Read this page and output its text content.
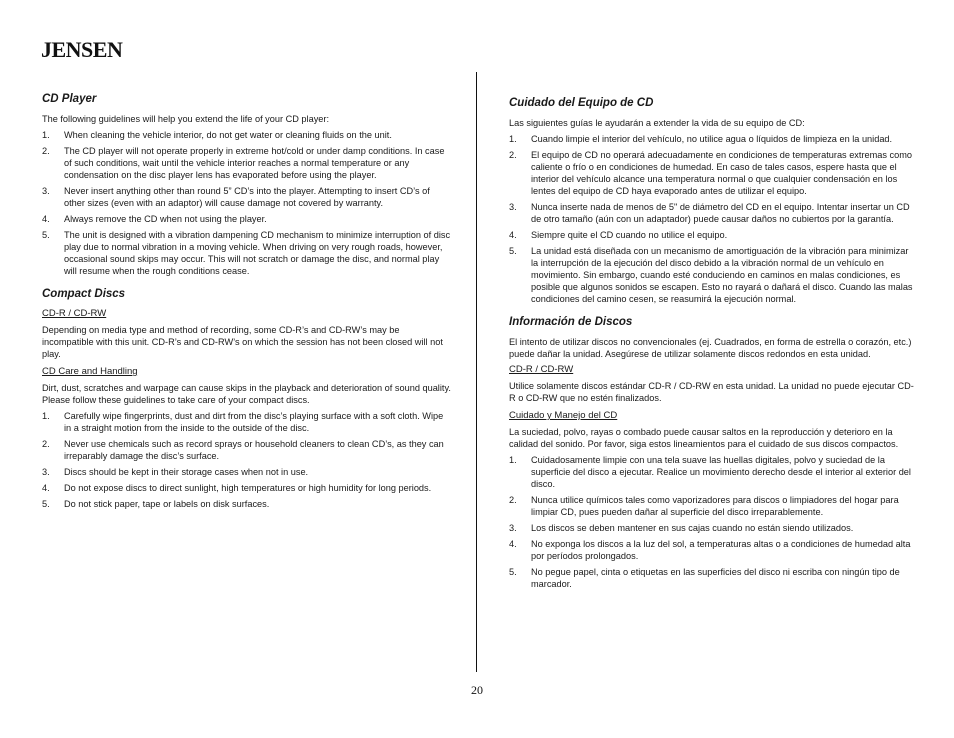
JENSEN
CD Player

The following guidelines will help you extend the life of your CD player:

1.	When cleaning the vehicle interior, do not get water or cleaning fluids on the unit.
2.	The CD player will not operate properly in extreme hot/cold or under damp conditions. In case of such conditions, wait until the vehicle interior reaches a normal temperature or any condensation on the disc player lens has evaporated before using the player.
3.	Never insert anything other than round 5” CD’s into the player. Attempting to insert CD’s of other sizes (even with an adaptor) will cause damage not covered by warranty.
4.	Always remove the CD when not using the player.
5.	The unit is designed with a vibration dampening CD mechanism to minimize interruption of disc play due to normal vibration in a moving vehicle. When driving on very rough roads, however, occasional sound skips may occur. This will not scratch or damage the disc, and normal play will resume when the rough conditions cease.
Compact Discs
CD-R / CD-RW

Depending on media type and method of recording, some CD-R’s and CD-RW’s may be incompatible with this unit. CD-R’s and CD-RW’s on which the session has not been closed will not play.

CD Care and Handling

Dirt, dust, scratches and warpage can cause skips in the playback and deterioration of sound quality. Please follow these guidelines to take care of your compact discs.

1.	Carefully wipe fingerprints, dust and dirt from the disc’s playing surface with a soft cloth. Wipe in a straight motion from the inside to the outside of the disc.
2.	Never use chemicals such as record sprays or household cleaners to clean CD’s, as they can irreparably damage the disc’s surface.
3.	Discs should be kept in their storage cases when not in use.
4.	Do not expose discs to direct sunlight, high temperatures or high humidity for long periods.
5.	Do not stick paper, tape or labels on disk surfaces.
Cuidado del Equipo de CD

Las siguientes guías le ayudarán a extender la vida de su equipo de CD:

1.	Cuando limpie el interior del vehículo, no utilice agua o líquidos de limpieza en la unidad.
2.	El equipo de CD no operará adecuadamente en condiciones de temperaturas extremas como caliente o frío o en condiciones de humedad. En caso de tales casos, espere hasta que el interior del vehículo alcance una temperatura normal o que cualquier condensación en los lentes del equipo de CD haya evaporado antes de utilizar el equipo.
3.	Nunca inserte nada de menos de 5" de diámetro del CD en el equipo. Intentar insertar un CD de otro tamaño (aún con un adaptador) puede causar daños no cubiertos por la garantía.
4.	Siempre quite el CD cuando no utilice el equipo.
5.	La unidad está diseñada con un mecanismo de amortiguación de la vibración para minimizar la interrupción de la ejecución del disco debido a la vibración normal de un vehículo en movimiento. Sin embargo, cuando esté conduciendo en caminos en malas condiciones, es posible que algunos sonidos se escapen. Esto no rayará o dañará el disco. Cuando las malas condiciones del camino cesen, se reasumirá la ejecución normal.
Información de Discos

El intento de utilizar discos no convencionales (ej. Cuadrados, en forma de estrella o corazón, etc.) puede dañar la unidad. Asegúrese de utilizar solamente discos redondos en esta unidad.

CD-R / CD-RW

Utilice solamente discos estándar CD-R / CD-RW en esta unidad. La unidad no puede ejecutar CD-R o CD-RW que no estén finalizados.

Cuidado y Manejo del CD

La suciedad, polvo, rayas o combado puede causar saltos en la reproducción y deterioro en la calidad del sonido. Por favor, siga estos lineamientos para el cuidado de sus discos compactos.

1.	Cuidadosamente limpie con una tela suave las huellas digitales, polvo y suciedad de la superficie del disco a ejecutar. Realice un movimiento derecho desde el interior al exterior del disco.
2.	Nunca utilice químicos tales como vaporizadores para discos o limpiadores del hogar para limpiar CD, pues pueden dañar al superficie del disco irreparablemente.
3.	Los discos se deben mantener en sus cajas cuando no están siendo utilizados.
4.	No exponga los discos a la luz del sol, a temperaturas altas o a condiciones de humedad alta por períodos prolongados.
5.	No pegue papel, cinta o etiquetas en las superficies del disco ni escriba con ningún tipo de marcador.
20
